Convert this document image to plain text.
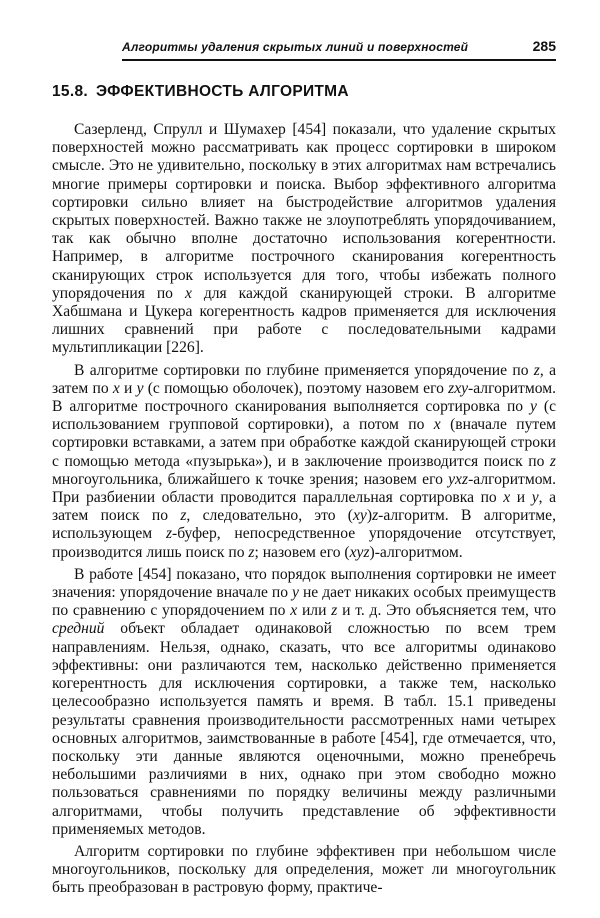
Алгоритмы удаления скрытых линий и поверхностей	285
15.8. ЭФФЕКТИВНОСТЬ АЛГОРИТМА

Сазерленд, Спрулл и Шумахер [454] показали, что удаление скрытых поверхностей можно рассматривать как процесс сортировки в широком смысле. Это не удивительно, поскольку в этих алгоритмах нам встречались многие примеры сортировки и поиска. Выбор эффективного алгоритма сортировки сильно влияет на быстродействие алгоритмов удаления скрытых поверхностей. Важно также не злоупотреблять упорядочиванием, так как обычно вполне достаточно использования когерентности. Например, в алгоритме построчного сканирования когерентность сканирующих строк используется для того, чтобы избежать полного упорядочения по x для каждой сканирующей строки. В алгоритме Хабшмана и Цукера когерентность кадров применяется для исключения лишних сравнений при работе с последовательными кадрами мультипликации [226].

В алгоритме сортировки по глубине применяется упорядочение по z, а затем по x и y (с помощью оболочек), поэтому назовем его zxy-алгоритмом. В алгоритме построчного сканирования выполняется сортировка по y (с использованием групповой сортировки), а потом по x (вначале путем сортировки вставками, а затем при обработке каждой сканирующей строки с помощью метода «пузырька»), и в заключение производится поиск по z многоугольника, ближайшего к точке зрения; назовем его yxz-алгоритмом. При разбиении области проводится параллельная сортировка по x и y, а затем поиск по z, следовательно, это (xy)z-алгоритм. В алгоритме, использующем z-буфер, непосредственное упорядочение отсутствует, производится лишь поиск по z; назовем его (xyz)-алгоритмом.

В работе [454] показано, что порядок выполнения сортировки не имеет значения: упорядочение вначале по y не дает никаких особых преимуществ по сравнению с упорядочением по x или z и т. д. Это объясняется тем, что средний объект обладает одинаковой сложностью по всем трем направлениям. Нельзя, однако, сказать, что все алгоритмы одинаково эффективны: они различаются тем, насколько действенно применяется когерентность для исключения сортировки, а также тем, насколько целесообразно используется память и время. В табл. 15.1 приведены результаты сравнения производительности рассмотренных нами четырех основных алгоритмов, заимствованные в работе [454], где отмечается, что, поскольку эти данные являются оценочными, можно пренебречь небольшими различиями в них, однако при этом свободно можно пользоваться сравнениями по порядку величины между различными алгоритмами, чтобы получить представление об эффективности применяемых методов.

Алгоритм сортировки по глубине эффективен при небольшом числе многоугольников, поскольку для определения, может ли многоугольник быть преобразован в растровую форму, практиче-
